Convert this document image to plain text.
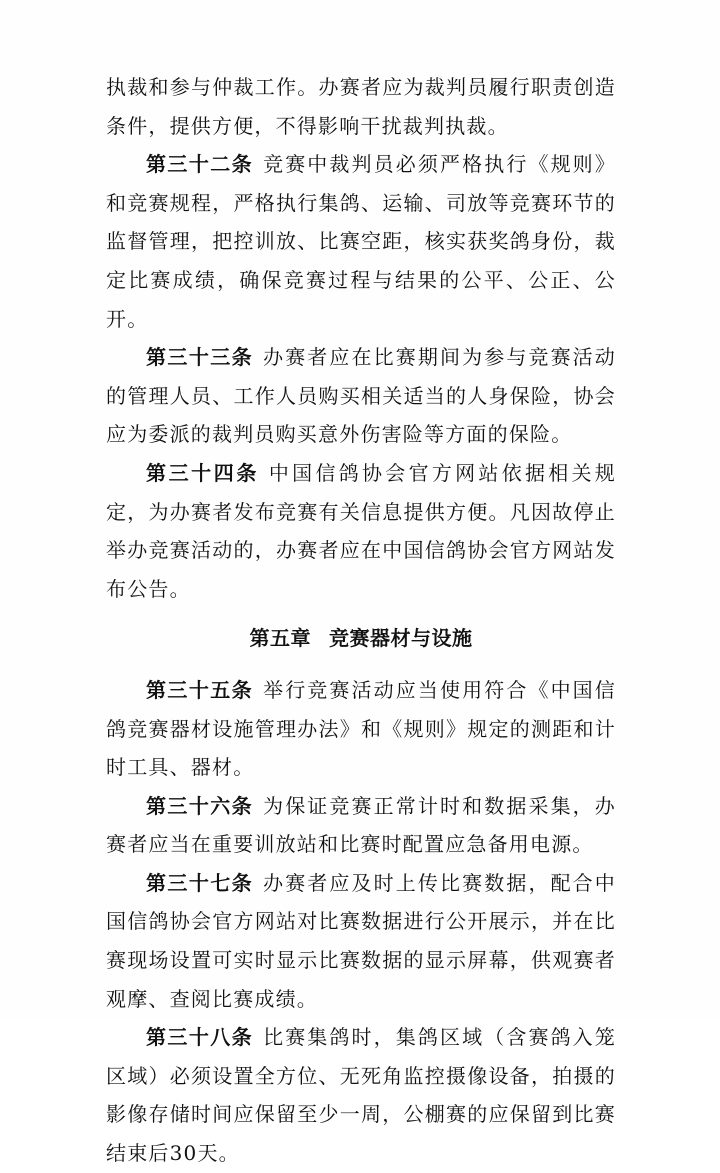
执裁和参与仲裁工作。办赛者应为裁判员履行职责创造条件，提供方便，不得影响干扰裁判执裁。

第三十二条 竞赛中裁判员必须严格执行《规则》和竞赛规程，严格执行集鸽、运输、司放等竞赛环节的监督管理，把控训放、比赛空距，核实获奖鸽身份，裁定比赛成绩，确保竞赛过程与结果的公平、公正、公开。

第三十三条 办赛者应在比赛期间为参与竞赛活动的管理人员、工作人员购买相关适当的人身保险，协会应为委派的裁判员购买意外伤害险等方面的保险。

第三十四条 中国信鸽协会官方网站依据相关规定，为办赛者发布竞赛有关信息提供方便。凡因故停止举办竞赛活动的，办赛者应在中国信鸽协会官方网站发布公告。

第五章 竞赛器材与设施

第三十五条 举行竞赛活动应当使用符合《中国信鸽竞赛器材设施管理办法》和《规则》规定的测距和计时工具、器材。

第三十六条 为保证竞赛正常计时和数据采集，办赛者应当在重要训放站和比赛时配置应急备用电源。

第三十七条 办赛者应及时上传比赛数据，配合中国信鸽协会官方网站对比赛数据进行公开展示，并在比赛现场设置可实时显示比赛数据的显示屏幕，供观赛者观摩、查阅比赛成绩。

第三十八条 比赛集鸽时，集鸽区域（含赛鸽入笼区域）必须设置全方位、无死角监控摄像设备，拍摄的影像存储时间应保留至少一周，公棚赛的应保留到比赛结束后30天。
